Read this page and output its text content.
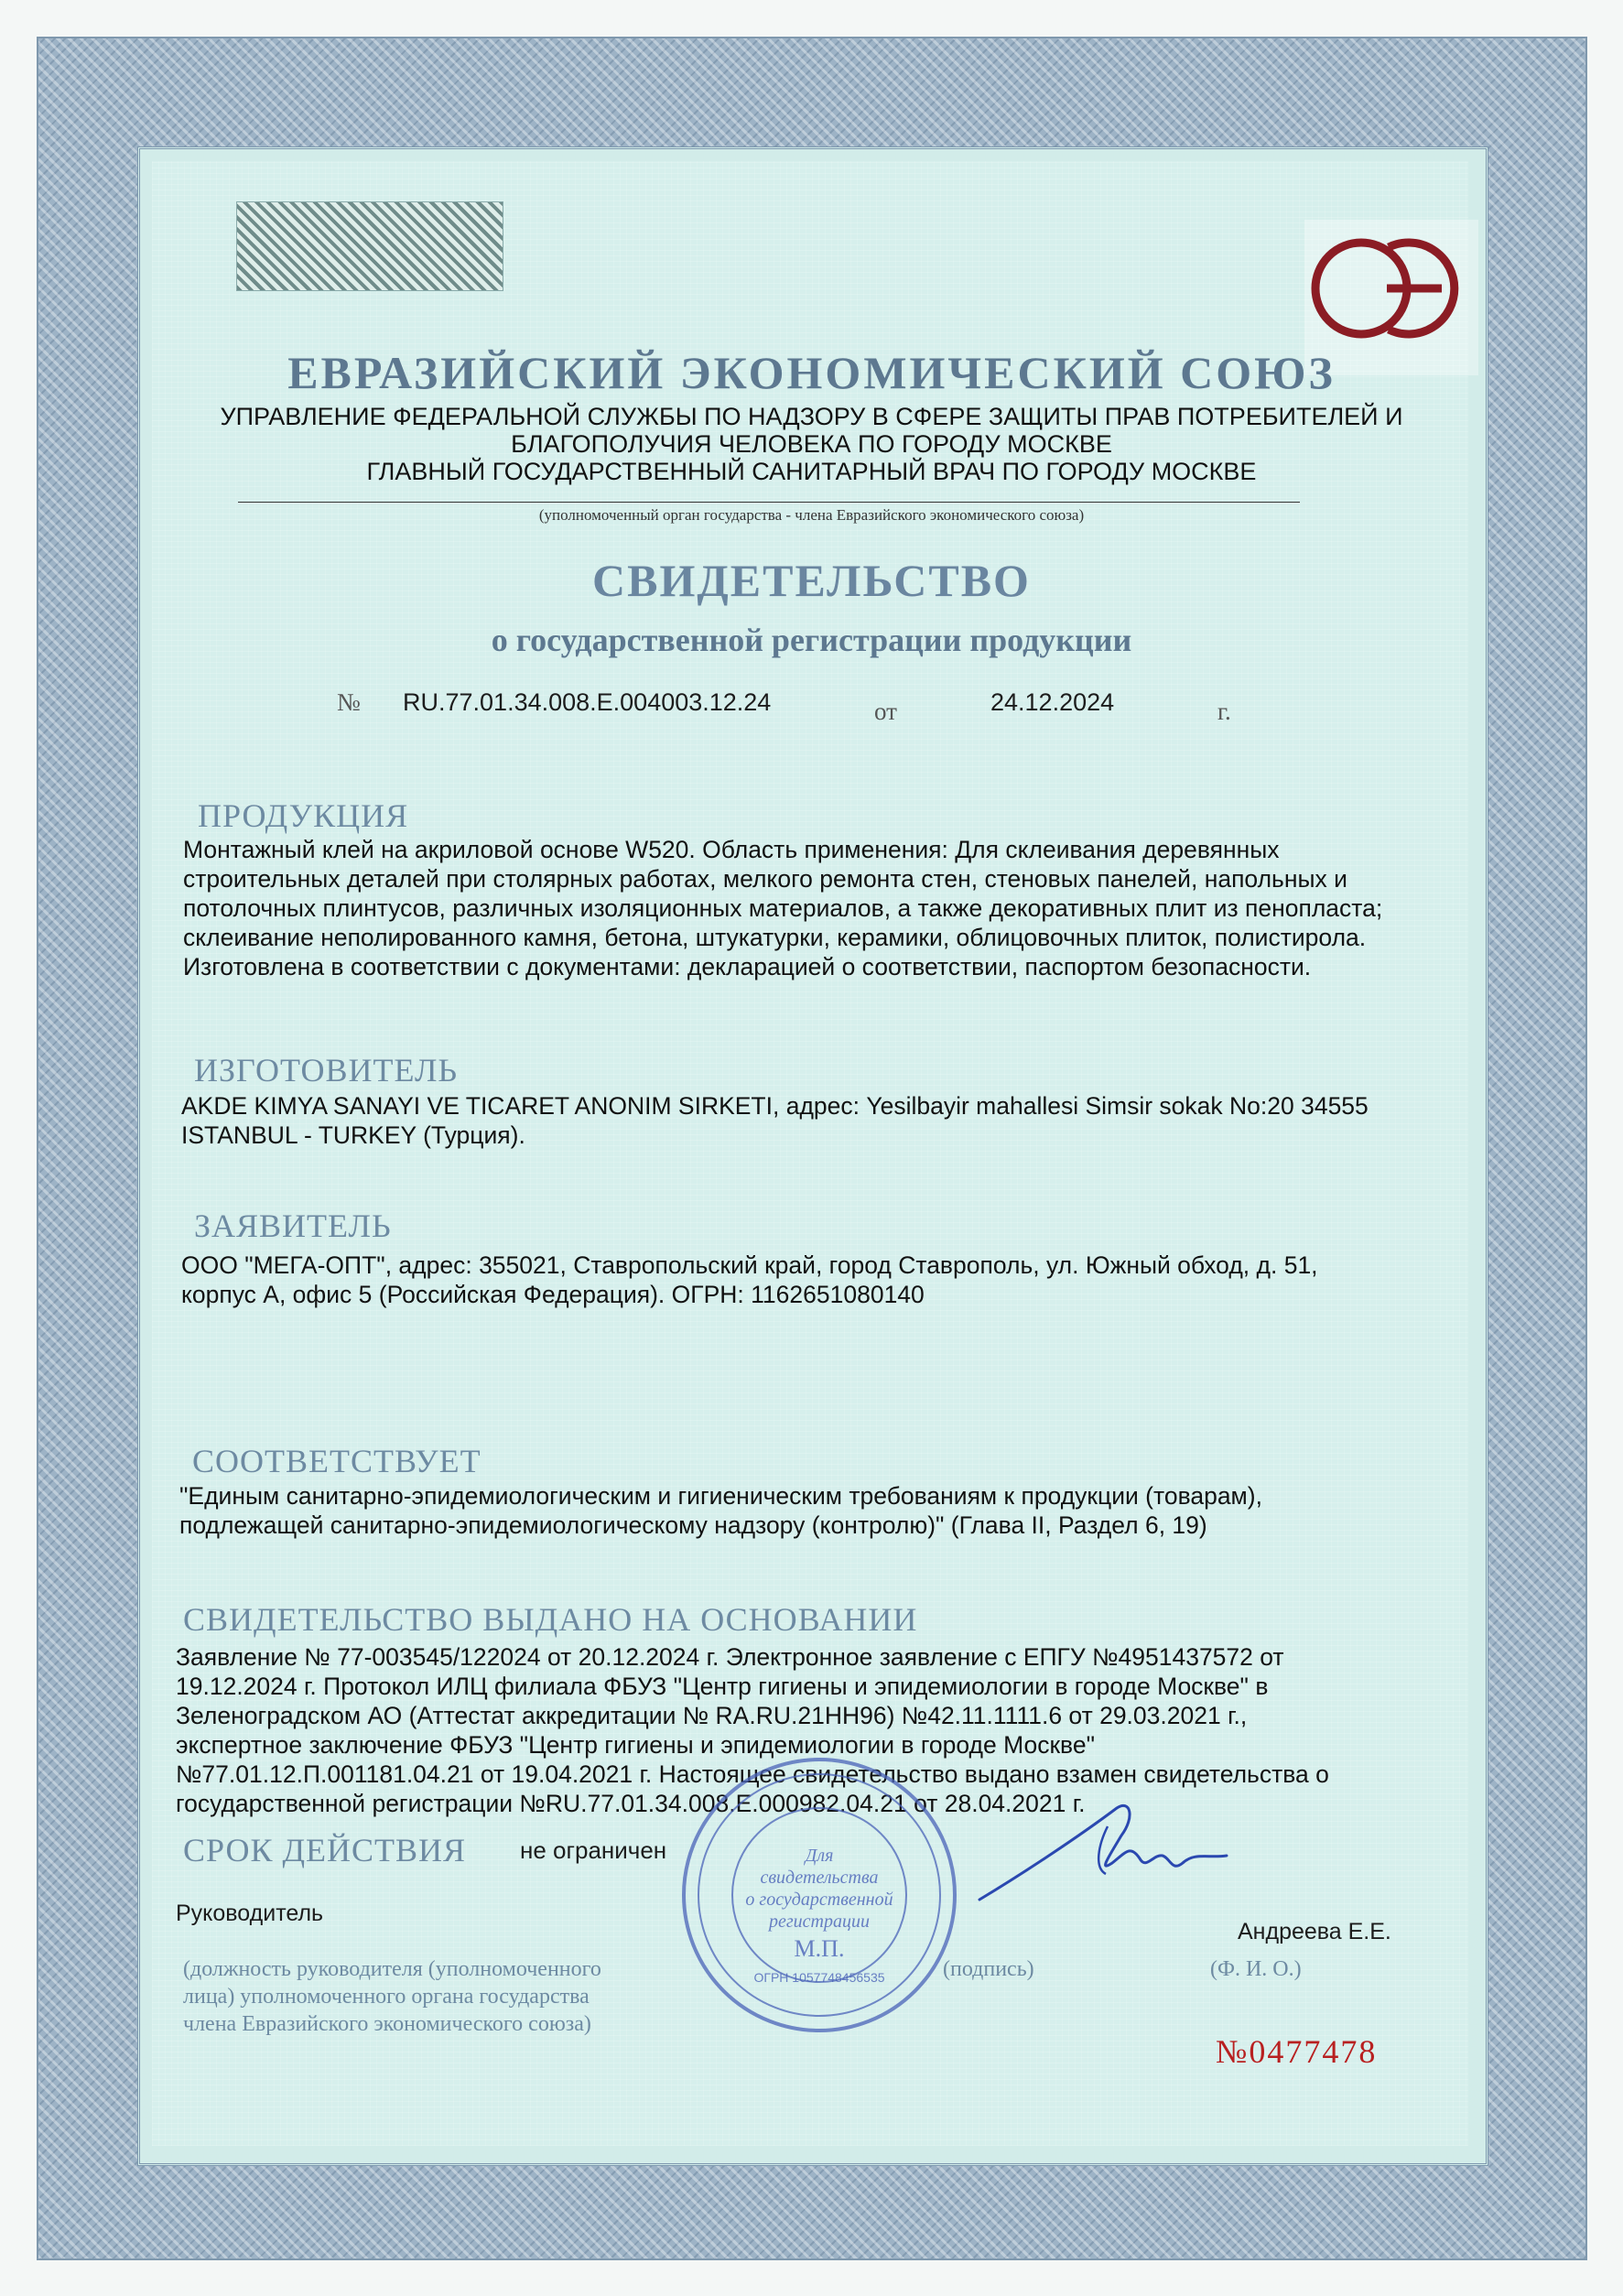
ЕВРАЗИЙСКИЙ ЭКОНОМИЧЕСКИЙ СОЮЗ
УПРАВЛЕНИЕ ФЕДЕРАЛЬНОЙ СЛУЖБЫ ПО НАДЗОРУ В СФЕРЕ ЗАЩИТЫ ПРАВ ПОТРЕБИТЕЛЕЙ И
БЛАГОПОЛУЧИЯ ЧЕЛОВЕКА ПО ГОРОДУ МОСКВЕ
ГЛАВНЫЙ ГОСУДАРСТВЕННЫЙ САНИТАРНЫЙ ВРАЧ ПО ГОРОДУ МОСКВЕ
(уполномоченный орган государства - члена Евразийского экономического союза)
СВИДЕТЕЛЬСТВО
о государственной регистрации продукции
№ RU.77.01.34.008.Е.004003.12.24	от	24.12.2024	г.
ПРОДУКЦИЯ
Монтажный клей на акриловой основе W520. Область применения: Для склеивания деревянных
строительных деталей при столярных работах, мелкого ремонта стен, стеновых панелей, напольных и
потолочных плинтусов, различных изоляционных материалов, а также декоративных плит из пенопласта;
склеивание неполированного камня, бетона, штукатурки, керамики, облицовочных плиток, полистирола.
Изготовлена в соответствии с документами: декларацией о соответствии, паспортом безопасности.
ИЗГОТОВИТЕЛЬ
AKDE KIMYA SANAYI VE TICARET ANONIM SIRKETI, адрес: Yesilbayir mahallesi Simsir sokak No:20 34555
ISTANBUL - TURKEY (Турция).
ЗАЯВИТЕЛЬ
ООО "МЕГА-ОПТ", адрес: 355021, Ставропольский край, город Ставрополь, ул. Южный обход, д. 51,
корпус А, офис 5 (Российская Федерация). ОГРН: 1162651080140
СООТВЕТСТВУЕТ
"Единым санитарно-эпидемиологическим и гигиеническим требованиям к продукции (товарам),
подлежащей санитарно-эпидемиологическому надзору (контролю)" (Глава II, Раздел 6, 19)
СВИДЕТЕЛЬСТВО ВЫДАНО НА ОСНОВАНИИ
Заявление № 77-003545/122024 от 20.12.2024 г. Электронное заявление с ЕПГУ №4951437572 от
19.12.2024 г. Протокол ИЛЦ филиала ФБУЗ "Центр гигиены и эпидемиологии в городе Москве" в
Зеленоградском АО (Аттестат аккредитации № RA.RU.21НН96) №42.11.1111.6 от 29.03.2021 г.,
экспертное заключение ФБУЗ "Центр гигиены и эпидемиологии в городе Москве"
№77.01.12.П.001181.04.21 от 19.04.2021 г. Настоящее свидетельство выдано взамен свидетельства о
государственной регистрации №RU.77.01.34.008.Е.000982.04.21 от 28.04.2021 г.
СРОК ДЕЙСТВИЯ не ограничен
Руководитель
Андреева Е.Е.
(должность руководителя (уполномоченного
лица) уполномоченного органа государства
члена Евразийского экономического союза)
(подпись)	(Ф. И. О.)
Для
свидетельства
о государственной
регистрации
М.П.
ОГРН 1057748456535
№0477478
